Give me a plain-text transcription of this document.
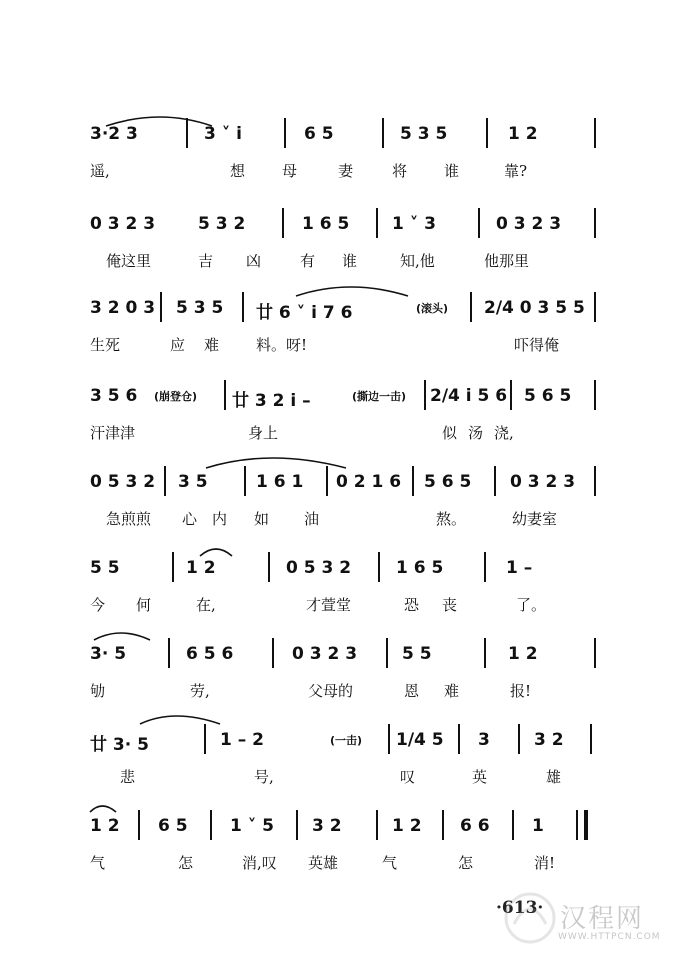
3·2 3	3 ˅ i	6 5	5 3 5	1 2
遥,	想 母	妻	将 谁	靠?
0 3 2 3	5 3 2	1 6 5	1 ˅ 3	0 3 2 3
俺这里	吉 凶	有 谁	知,他	他那里
3 2 0 3 5 3 5 廿 6 ˅ i 7 6	(滚头) 2/4 0 3 5 5
生死	应 难 料。呀!	吓得俺
3 5 6 (崩登仓) 廿 3 2 i –	(撕边一击) 2/4 i 5 6 5 6 5
汗津津	身上	似 汤 浇,
0 5 3 2 3 5	1 6 1 0 2 1 6 5 6 5 0 3 2 3
急煎煎 心 内 如 油	熬。	幼妻室
5 5	1 2	0 5 3 2	1 6 5	1 –
今 何	在,	才萱堂	恐 丧	了。
3· 5	6 5 6	0 3 2 3	5 5	1 2
劬	劳,	父母的	恩 难	报!
廿 3· 5	1 – 2	(一击) 1/4 5 3	3 2
悲	号,	叹	英	雄
1 2 6 5 1 ˅ 5 3 2	1 2 6 6 1
气	怎	消,叹 英雄	气	怎	消!
·613· 汉程网
WWW.HTTPCN.COM
